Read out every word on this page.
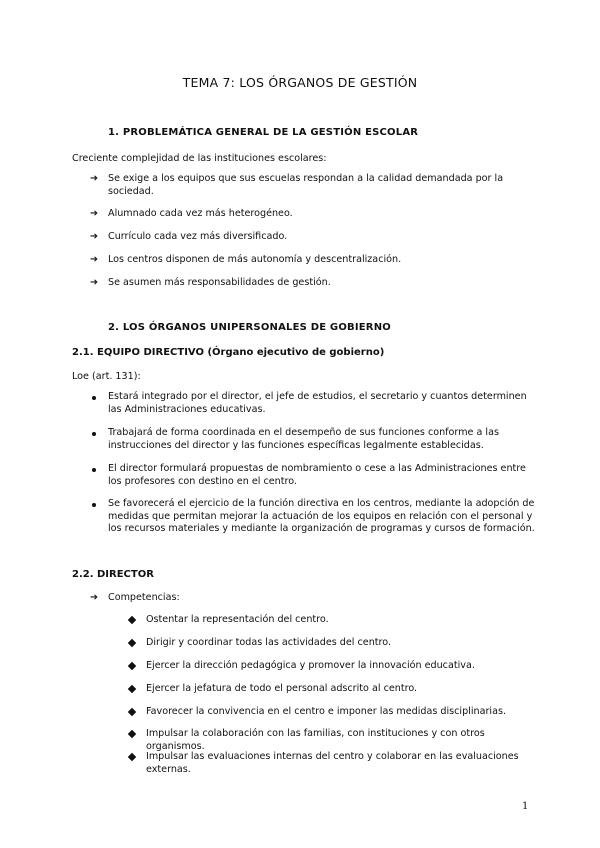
TEMA 7: LOS ÓRGANOS DE GESTIÓN
1. PROBLEMÁTICA GENERAL DE LA GESTIÓN ESCOLAR
Creciente complejidad de las instituciones escolares:
➔ Se exige a los equipos que sus escuelas respondan a la calidad demandada por la sociedad.
➔ Alumnado cada vez más heterogéneo.
➔ Currículo cada vez más diversificado.
➔ Los centros disponen de más autonomía y descentralización.
➔ Se asumen más responsabilidades de gestión.
2. LOS ÓRGANOS UNIPERSONALES DE GOBIERNO
2.1. EQUIPO DIRECTIVO (Órgano ejecutivo de gobierno)
Loe (art. 131):
Estará integrado por el director, el jefe de estudios, el secretario y cuantos determinen las Administraciones educativas.
Trabajará de forma coordinada en el desempeño de sus funciones conforme a las instrucciones del director y las funciones específicas legalmente establecidas.
El director formulará propuestas de nombramiento o cese a las Administraciones entre los profesores con destino en el centro.
Se favorecerá el ejercicio de la función directiva en los centros, mediante la adopción de medidas que permitan mejorar la actuación de los equipos en relación con el personal y los recursos materiales y mediante la organización de programas y cursos de formación.
2.2. DIRECTOR
➔ Competencias:
Ostentar la representación del centro.
Dirigir y coordinar todas las actividades del centro.
Ejercer la dirección pedagógica y promover la innovación educativa.
Ejercer la jefatura de todo el personal adscrito al centro.
Favorecer la convivencia en el centro e imponer las medidas disciplinarias.
Impulsar la colaboración con las familias, con instituciones y con otros organismos.
Impulsar las evaluaciones internas del centro y colaborar en las evaluaciones externas.
1
